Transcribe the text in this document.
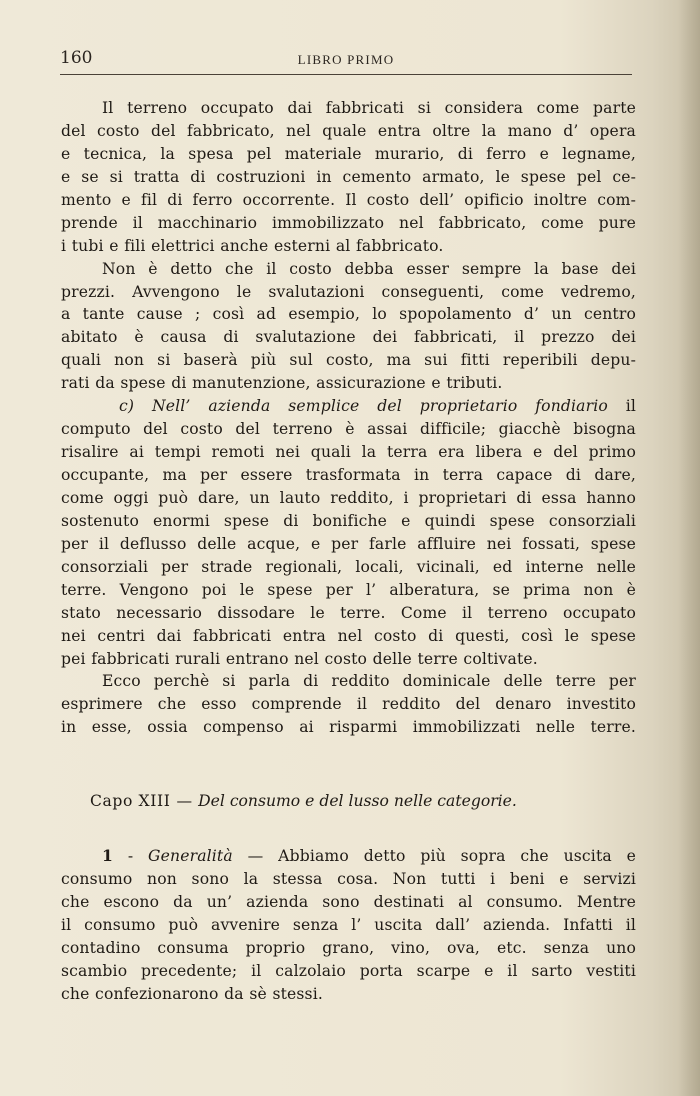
160	LIBRO PRIMO
Il terreno occupato dai fabbricati si considera come parte
del costo del fabbricato, nel quale entra oltre la mano d’ opera
e tecnica, la spesa pel materiale murario, di ferro e legname,
e se si tratta di costruzioni in cemento armato, le spese pel ce-
mento e fil di ferro occorrente. Il costo dell’ opificio inoltre com-
prende il macchinario immobilizzato nel fabbricato, come pure
i tubi e fili elettrici anche esterni al fabbricato.
Non è detto che il costo debba esser sempre la base dei
prezzi. Avvengono le svalutazioni conseguenti, come vedremo,
a tante cause ; così ad esempio, lo spopolamento d’ un centro
abitato è causa di svalutazione dei fabbricati, il prezzo dei
quali non si baserà più sul costo, ma sui fitti reperibili depu-
rati da spese di manutenzione, assicurazione e tributi.
c) Nell’ azienda semplice del proprietario fondiario il
computo del costo del terreno è assai difficile; giacchè bisogna
risalire ai tempi remoti nei quali la terra era libera e del primo
occupante, ma per essere trasformata in terra capace di dare,
come oggi può dare, un lauto reddito, i proprietari di essa hanno
sostenuto enormi spese di bonifiche e quindi spese consorziali
per il deflusso delle acque, e per farle affluire nei fossati, spese
consorziali per strade regionali, locali, vicinali, ed interne nelle
terre. Vengono poi le spese per l’ alberatura, se prima non è
stato necessario dissodare le terre. Come il terreno occupato
nei centri dai fabbricati entra nel costo di questi, così le spese
pei fabbricati rurali entrano nel costo delle terre coltivate.
Ecco perchè si parla di reddito dominicale delle terre per
esprimere che esso comprende il reddito del denaro investito
in esse, ossia compenso ai risparmi immobilizzati nelle terre.
Capo XIII — Del consumo e del lusso nelle categorie.
1 - Generalità — Abbiamo detto più sopra che uscita e
consumo non sono la stessa cosa. Non tutti i beni e servizi
che escono da un’ azienda sono destinati al consumo. Mentre
il consumo può avvenire senza l’ uscita dall’ azienda. Infatti il
contadino consuma proprio grano, vino, ova, etc. senza uno
scambio precedente; il calzolaio porta scarpe e il sarto vestiti
che confezionarono da sè stessi.
